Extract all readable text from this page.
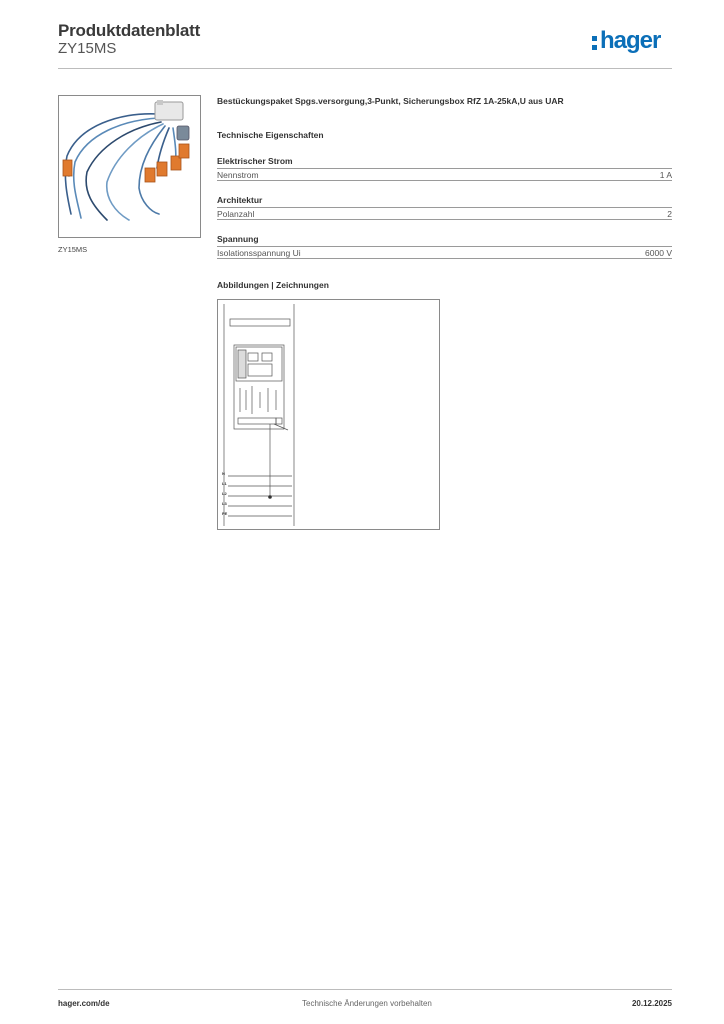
Produktdatenblatt
ZY15MS	hager
ZY15MS
Bestückungspaket Spgs.versorgung,3-Punkt, Sicherungsbox RfZ 1A-25kA,U aus UAR
Technische Eigenschaften
Elektrischer Strom
Nennstrom	1 A
Architektur
Polanzahl	2
Spannung
Isolationsspannung Ui	6000 V
Abbildungen | Zeichnungen
N
L1
L2
L3
PE
hager.com/de	Technische Änderungen vorbehalten	20.12.2025
